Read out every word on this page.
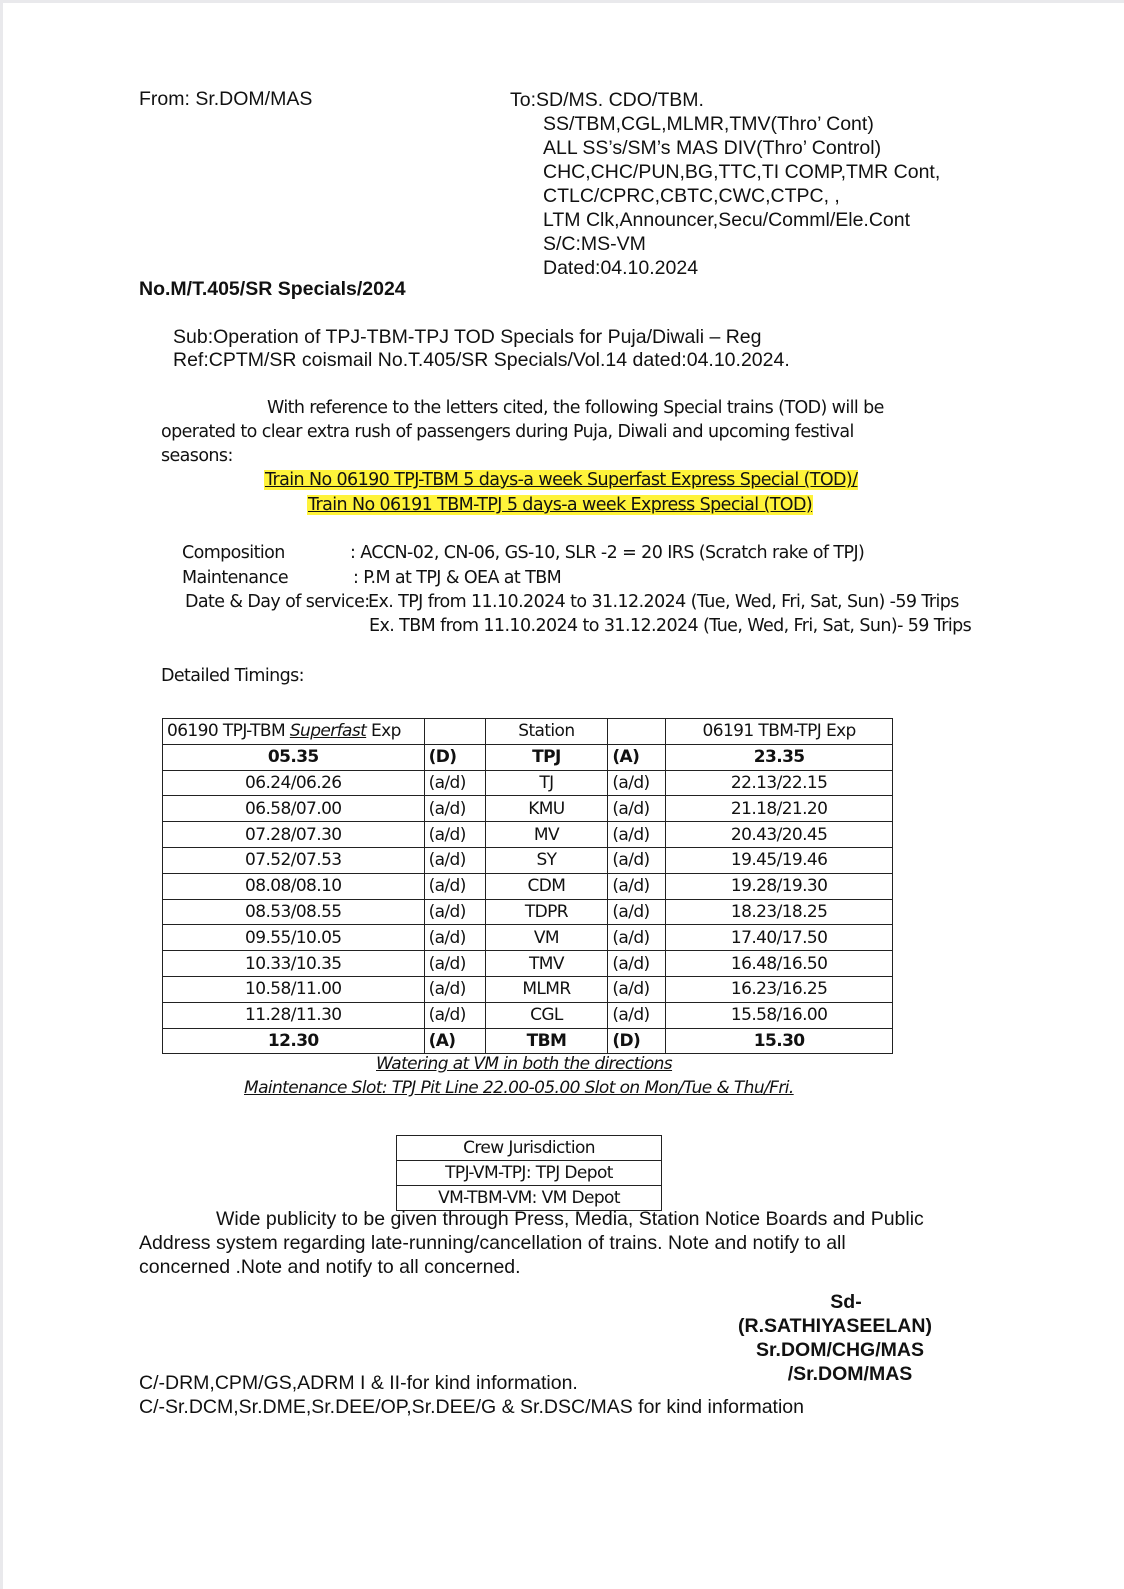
From: Sr.DOM/MAS	To:SD/MS. CDO/TBM.
SS/TBM,CGL,MLMR,TMV(Thro’ Cont)
ALL SS’s/SM’s MAS DIV(Thro’ Control)
CHC,CHC/PUN,BG,TTC,TI COMP,TMR Cont,
CTLC/CPRC,CBTC,CWC,CTPC, ,
LTM Clk,Announcer,Secu/Comml/Ele.Cont
S/C:MS-VM
Dated:04.10.2024
No.M/T.405/SR Specials/2024
Sub:Operation of TPJ-TBM-TPJ TOD Specials for Puja/Diwali – Reg
Ref:CPTM/SR coismail No.T.405/SR Specials/Vol.14 dated:04.10.2024.
With reference to the letters cited, the following Special trains (TOD) will be
operated to clear extra rush of passengers during Puja, Diwali and upcoming festival
seasons:
Train No 06190 TPJ-TBM 5 days-a week Superfast Express Special (TOD)/
Train No 06191 TBM-TPJ 5 days-a week Express Special (TOD)
Composition	: ACCN-02, CN-06, GS-10, SLR -2 = 20 IRS (Scratch rake of TPJ)
Maintenance	: P.M at TPJ & OEA at TBM
Date & Day of service:
Ex. TPJ from 11.10.2024 to 31.12.2024 (Tue, Wed, Fri, Sat, Sun) -59 Trips
Ex. TBM from 11.10.2024 to 31.12.2024 (Tue, Wed, Fri, Sat, Sun)- 59 Trips
Detailed Timings:
06190 TPJ-TBM Superfast Exp		Station		06191 TBM-TPJ Exp
05.35	(D)	TPJ	(A)	23.35
06.24/06.26	(a/d)	TJ	(a/d)	22.13/22.15
06.58/07.00	(a/d)	KMU	(a/d)	21.18/21.20
07.28/07.30	(a/d)	MV	(a/d)	20.43/20.45
07.52/07.53	(a/d)	SY	(a/d)	19.45/19.46
08.08/08.10	(a/d)	CDM	(a/d)	19.28/19.30
08.53/08.55	(a/d)	TDPR	(a/d)	18.23/18.25
09.55/10.05	(a/d)	VM	(a/d)	17.40/17.50
10.33/10.35	(a/d)	TMV	(a/d)	16.48/16.50
10.58/11.00	(a/d)	MLMR	(a/d)	16.23/16.25
11.28/11.30	(a/d)	CGL	(a/d)	15.58/16.00
12.30	(A)	TBM	(D)	15.30
Watering at VM in both the directions
Maintenance Slot: TPJ Pit Line 22.00-05.00 Slot on Mon/Tue & Thu/Fri.
Crew Jurisdiction
TPJ-VM-TPJ: TPJ Depot
VM-TBM-VM: VM Depot
Wide publicity to be given through Press, Media, Station Notice Boards and Public
Address system regarding late-running/cancellation of trains. Note and notify to all
concerned .Note and notify to all concerned.
Sd-
(R.SATHIYASEELAN)
Sr.DOM/CHG/MAS
/Sr.DOM/MAS
C/-DRM,CPM/GS,ADRM I & II-for kind information.
C/-Sr.DCM,Sr.DME,Sr.DEE/OP,Sr.DEE/G & Sr.DSC/MAS for kind information
